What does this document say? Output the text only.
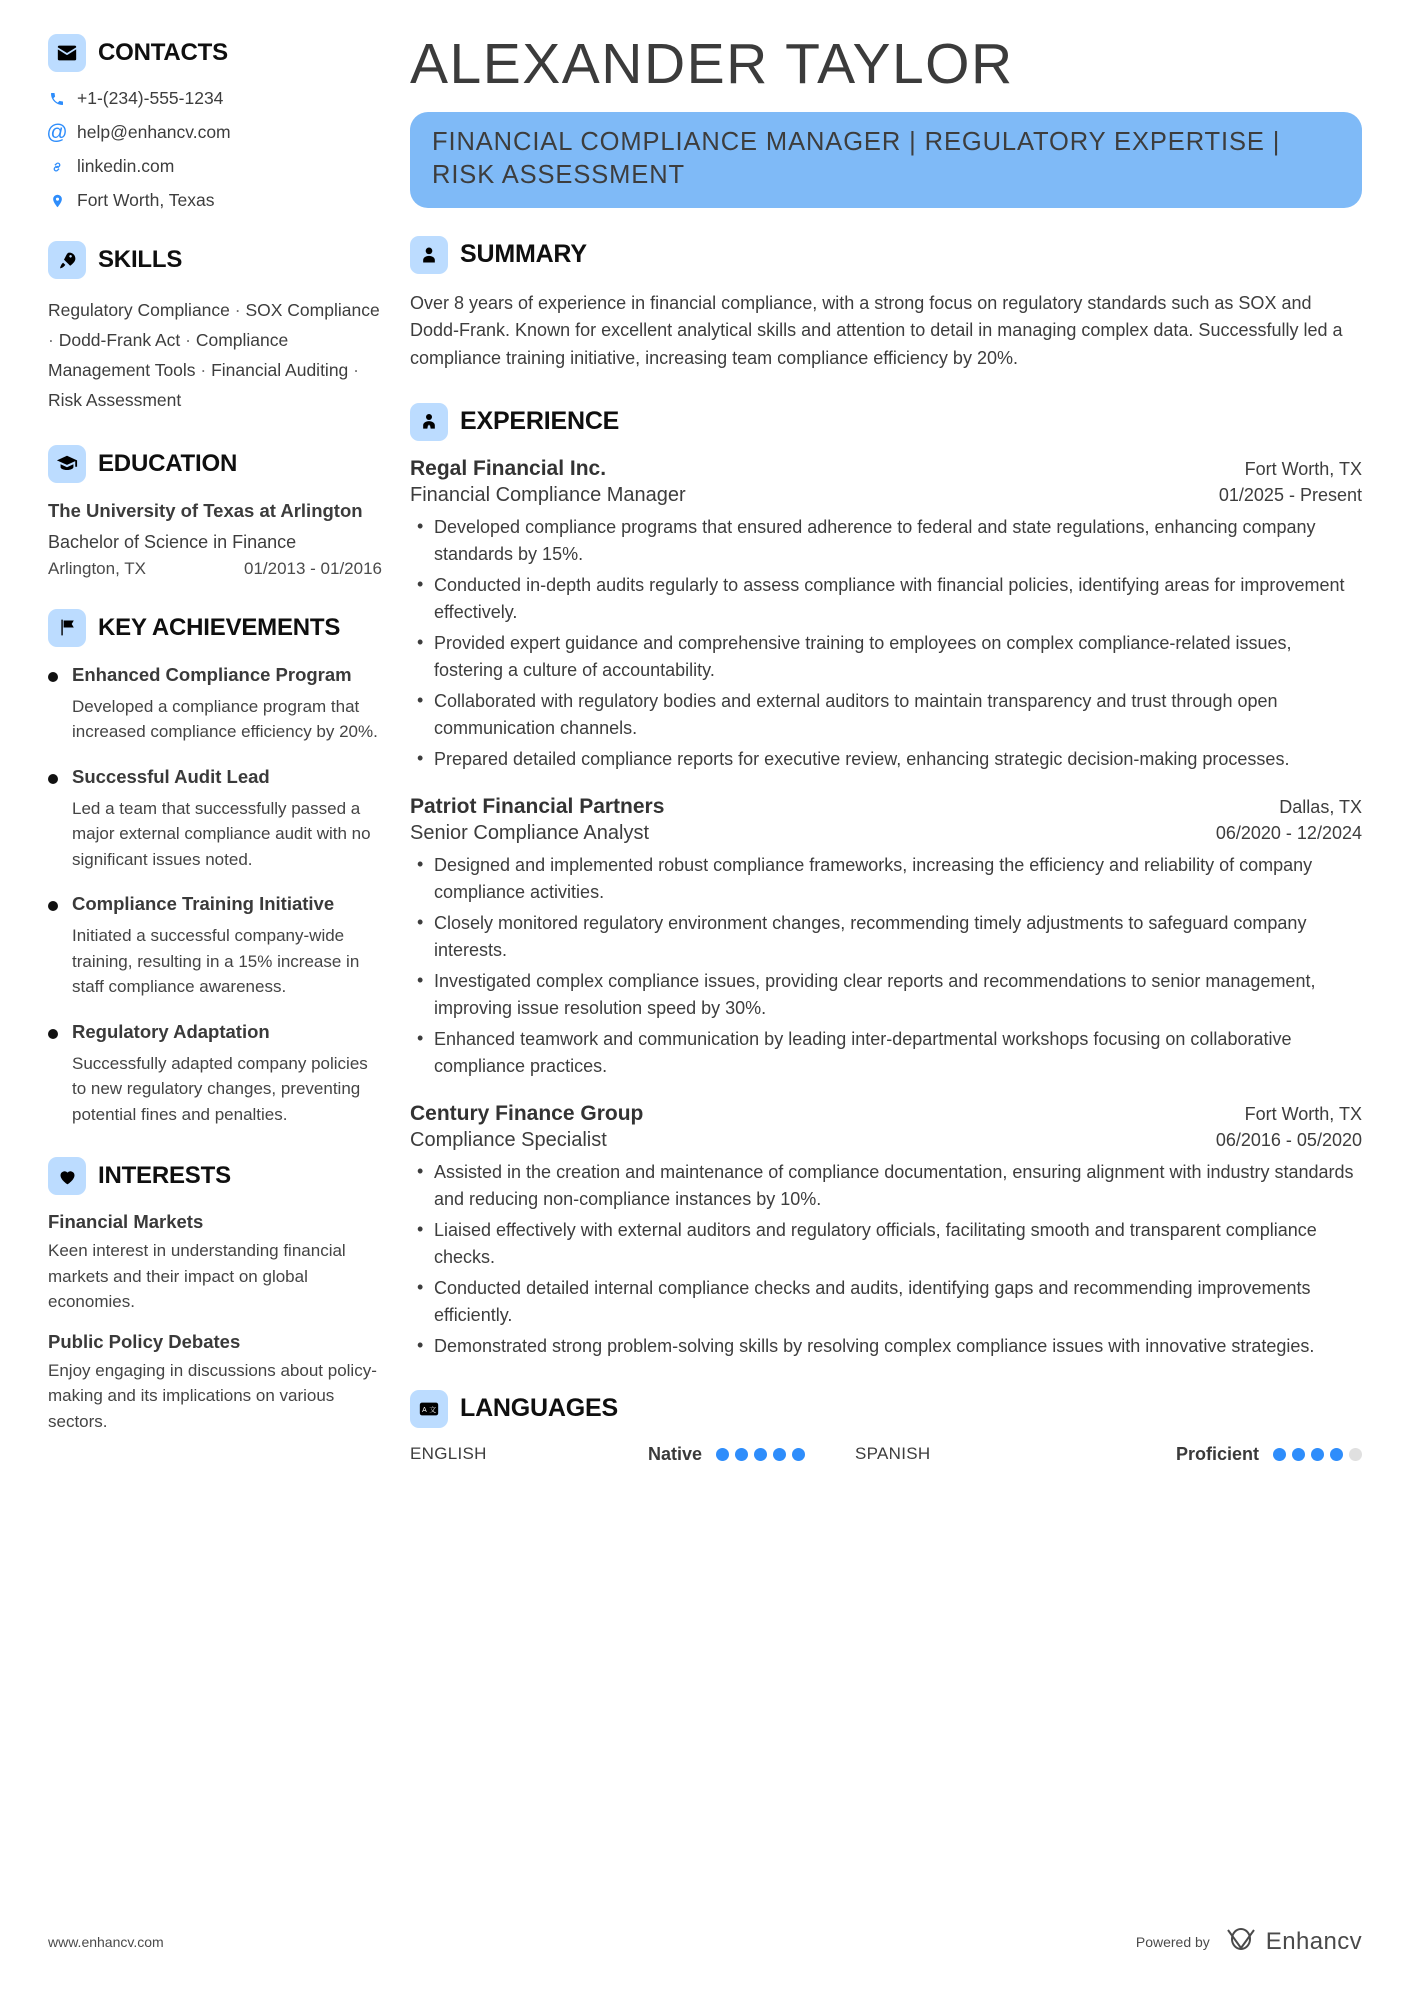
CONTACTS
+1-(234)-555-1234
@ help@enhancv.com
linkedin.com
Fort Worth, Texas
SKILLS
Regulatory Compliance · SOX Compliance · Dodd-Frank Act · Compliance Management Tools · Financial Auditing · Risk Assessment
EDUCATION
The University of Texas at Arlington
Bachelor of Science in Finance
Arlington, TX	01/2013 - 01/2016
KEY ACHIEVEMENTS
Enhanced Compliance Program
Developed a compliance program that increased compliance efficiency by 20%.
Successful Audit Lead
Led a team that successfully passed a major external compliance audit with no significant issues noted.
Compliance Training Initiative
Initiated a successful company-wide training, resulting in a 15% increase in staff compliance awareness.
Regulatory Adaptation
Successfully adapted company policies to new regulatory changes, preventing potential fines and penalties.
INTERESTS
Financial Markets
Keen interest in understanding financial markets and their impact on global economies.
Public Policy Debates
Enjoy engaging in discussions about policy-making and its implications on various sectors.
ALEXANDER TAYLOR
FINANCIAL COMPLIANCE MANAGER | REGULATORY EXPERTISE | RISK ASSESSMENT
SUMMARY
Over 8 years of experience in financial compliance, with a strong focus on regulatory standards such as SOX and Dodd-Frank. Known for excellent analytical skills and attention to detail in managing complex data. Successfully led a compliance training initiative, increasing team compliance efficiency by 20%.
EXPERIENCE
Regal Financial Inc.	Fort Worth, TX
Financial Compliance Manager	01/2025 - Present
• Developed compliance programs that ensured adherence to federal and state regulations, enhancing company standards by 15%.
• Conducted in-depth audits regularly to assess compliance with financial policies, identifying areas for improvement effectively.
• Provided expert guidance and comprehensive training to employees on complex compliance-related issues, fostering a culture of accountability.
• Collaborated with regulatory bodies and external auditors to maintain transparency and trust through open communication channels.
• Prepared detailed compliance reports for executive review, enhancing strategic decision-making processes.
Patriot Financial Partners	Dallas, TX
Senior Compliance Analyst	06/2020 - 12/2024
• Designed and implemented robust compliance frameworks, increasing the efficiency and reliability of company compliance activities.
• Closely monitored regulatory environment changes, recommending timely adjustments to safeguard company interests.
• Investigated complex compliance issues, providing clear reports and recommendations to senior management, improving issue resolution speed by 30%.
• Enhanced teamwork and communication by leading inter-departmental workshops focusing on collaborative compliance practices.
Century Finance Group	Fort Worth, TX
Compliance Specialist	06/2016 - 05/2020
• Assisted in the creation and maintenance of compliance documentation, ensuring alignment with industry standards and reducing non-compliance instances by 10%.
• Liaised effectively with external auditors and regulatory officials, facilitating smooth and transparent compliance checks.
• Conducted detailed internal compliance checks and audits, identifying gaps and recommending improvements efficiently.
• Demonstrated strong problem-solving skills by resolving complex compliance issues with innovative strategies.
A 文 LANGUAGES
ENGLISH	Native	SPANISH	Proficient
www.enhancv.com	Powered by Enhancv
